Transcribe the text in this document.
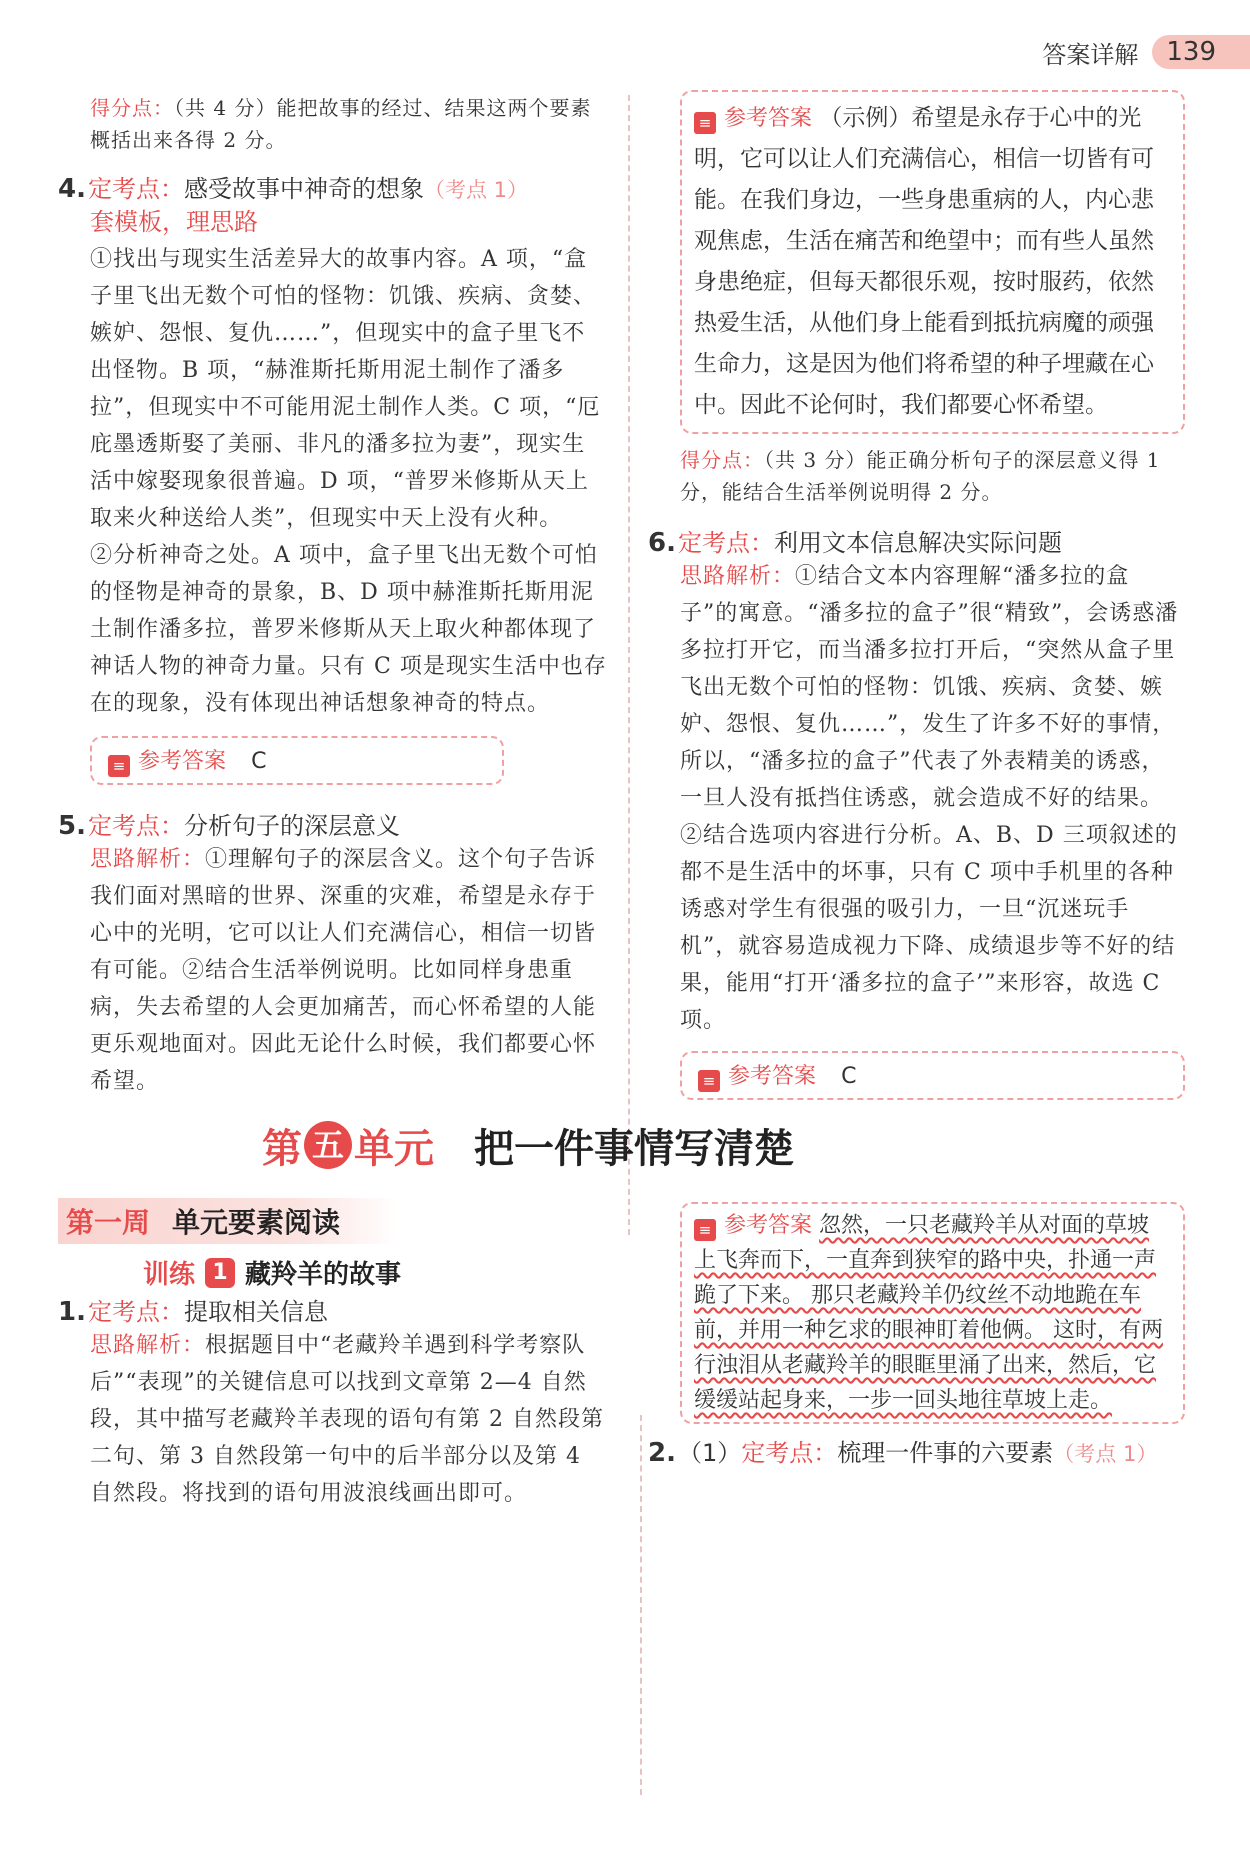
答案详解	139

得分点：（共 4 分）能把故事的经过、结果这两个要素概括出来各得 2 分。

4.定考点：感受故事中神奇的想象（考点 1）

套模板，理思路

①找出与现实生活差异大的故事内容。A 项，“盒子里飞出无数个可怕的怪物：饥饿、疾病、贪婪、嫉妒、怨恨、复仇……”，但现实中的盒子里飞不出怪物。B 项，“赫淮斯托斯用泥土制作了潘多拉”，但现实中不可能用泥土制作人类。C 项，“厄庇墨透斯娶了美丽、非凡的潘多拉为妻”，现实生活中嫁娶现象很普遍。D 项，“普罗米修斯从天上取来火种送给人类”，但现实中天上没有火种。

②分析神奇之处。A 项中，盒子里飞出无数个可怕的怪物是神奇的景象，B、D 项中赫淮斯托斯用泥土制作潘多拉，普罗米修斯从天上取火种都体现了神话人物的神奇力量。只有 C 项是现实生活中也存在的现象，没有体现出神话想象神奇的特点。

≡ 参考答案 C

5.定考点：分析句子的深层意义

思路解析：①理解句子的深层含义。这个句子告诉我们面对黑暗的世界、深重的灾难，希望是永存于心中的光明，它可以让人们充满信心，相信一切皆有可能。②结合生活举例说明。比如同样身患重病，失去希望的人会更加痛苦，而心怀希望的人能更乐观地面对。因此无论什么时候，我们都要心怀希望。

≡ 参考答案 （示例）希望是永存于心中的光明，它可以让人们充满信心，相信一切皆有可能。在我们身边，一些身患重病的人，内心悲观焦虑，生活在痛苦和绝望中；而有些人虽然身患绝症，但每天都很乐观，按时服药，依然热爱生活，从他们身上能看到抵抗病魔的顽强生命力，这是因为他们将希望的种子埋藏在心中。因此不论何时，我们都要心怀希望。

得分点：（共 3 分）能正确分析句子的深层意义得 1 分，能结合生活举例说明得 2 分。

6.定考点：利用文本信息解决实际问题

思路解析：①结合文本内容理解“潘多拉的盒子”的寓意。“潘多拉的盒子”很“精致”，会诱惑潘多拉打开它，而当潘多拉打开后，“突然从盒子里飞出无数个可怕的怪物：饥饿、疾病、贪婪、嫉妒、怨恨、复仇……”，发生了许多不好的事情，所以，“潘多拉的盒子”代表了外表精美的诱惑，一旦人没有抵挡住诱惑，就会造成不好的结果。②结合选项内容进行分析。A、B、D 三项叙述的都不是生活中的坏事，只有 C 项中手机里的各种诱惑对学生有很强的吸引力，一旦“沉迷玩手机”，就容易造成视力下降、成绩退步等不好的结果，能用“打开‘潘多拉的盒子’”来形容，故选 C 项。

≡ 参考答案 C
第 五 单元 把一件事情写清楚
第一周 单元要素阅读
训练 1 藏羚羊的故事

1.定考点：提取相关信息

思路解析：根据题目中“老藏羚羊遇到科学考察队后”“表现”的关键信息可以找到文章第 2—4 自然段，其中描写老藏羚羊表现的语句有第 2 自然段第二句、第 3 自然段第一句中的后半部分以及第 4 自然段。将找到的语句用波浪线画出即可。

≡ 参考答案 忽然，一只老藏羚羊从对面的草坡上飞奔而下，一直奔到狭窄的路中央，扑通一声跪了下来。 那只老藏羚羊仍纹丝不动地跪在车前，并用一种乞求的眼神盯着他俩。 这时，有两行浊泪从老藏羚羊的眼眶里涌了出来，然后，它缓缓站起身来，一步一回头地往草坡上走。

2.（1）定考点：梳理一件事的六要素（考点 1）
